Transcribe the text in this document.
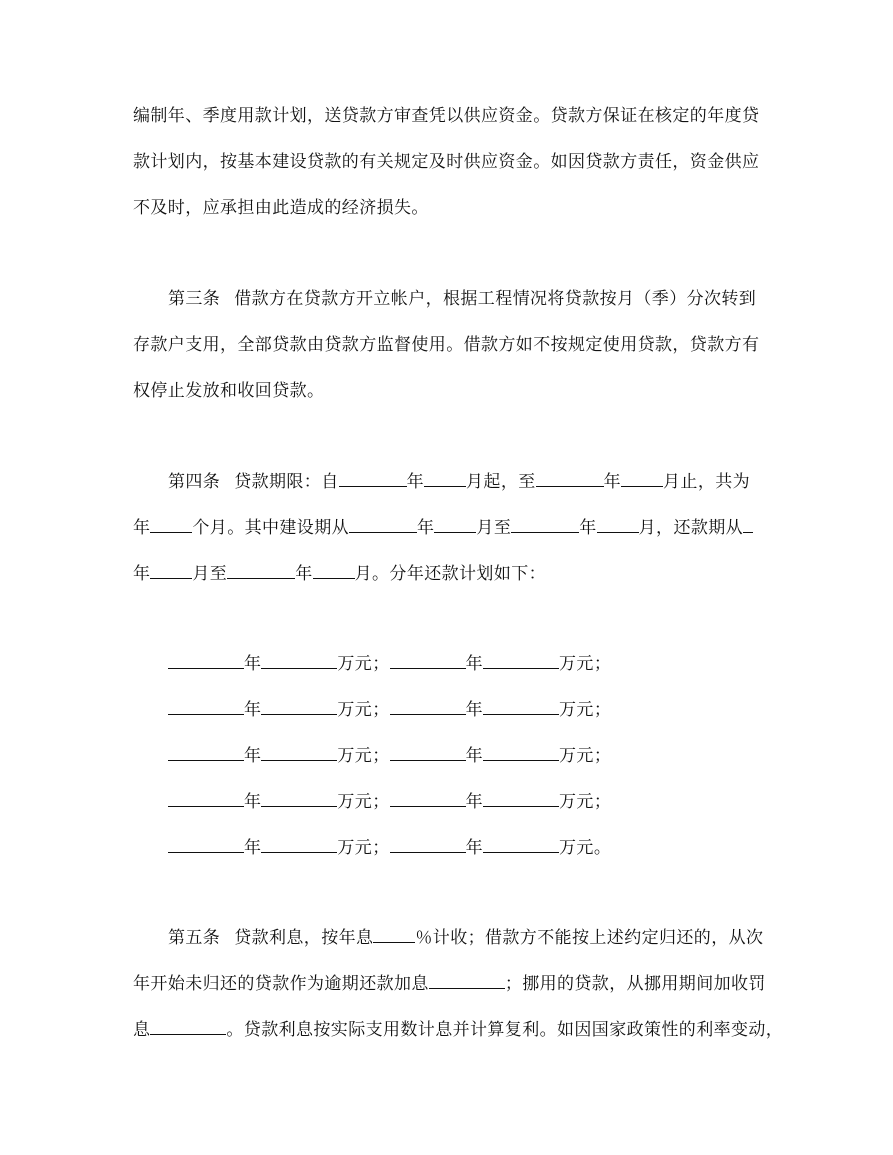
编制年、季度用款计划，送贷款方审查凭以供应资金。贷款方保证在核定的年度贷
款计划内，按基本建设贷款的有关规定及时供应资金。如因贷款方责任，资金供应
不及时，应承担由此造成的经济损失。
第三条 借款方在贷款方开立帐户，根据工程情况将贷款按月（季）分次转到
存款户支用，全部贷款由贷款方监督使用。借款方如不按规定使用贷款，贷款方有
权停止发放和收回贷款。
第四条 贷款期限：自	年 月起，至	年 月止，共为
年 个月。其中建设期从	年 月至	年 月，还款期从
年 月至	年 月。分年还款计划如下：
年	万元；	年	万元；
年	万元；	年	万元；
年	万元；	年	万元；
年	万元；	年	万元；
年	万元；	年	万元。
第五条 贷款利息，按年息 ％计收；借款方不能按上述约定归还的，从次
年开始未归还的贷款作为逾期还款加息	；挪用的贷款，从挪用期间加收罚
息	。贷款利息按实际支用数计息并计算复利。如因国家政策性的利率变动，
